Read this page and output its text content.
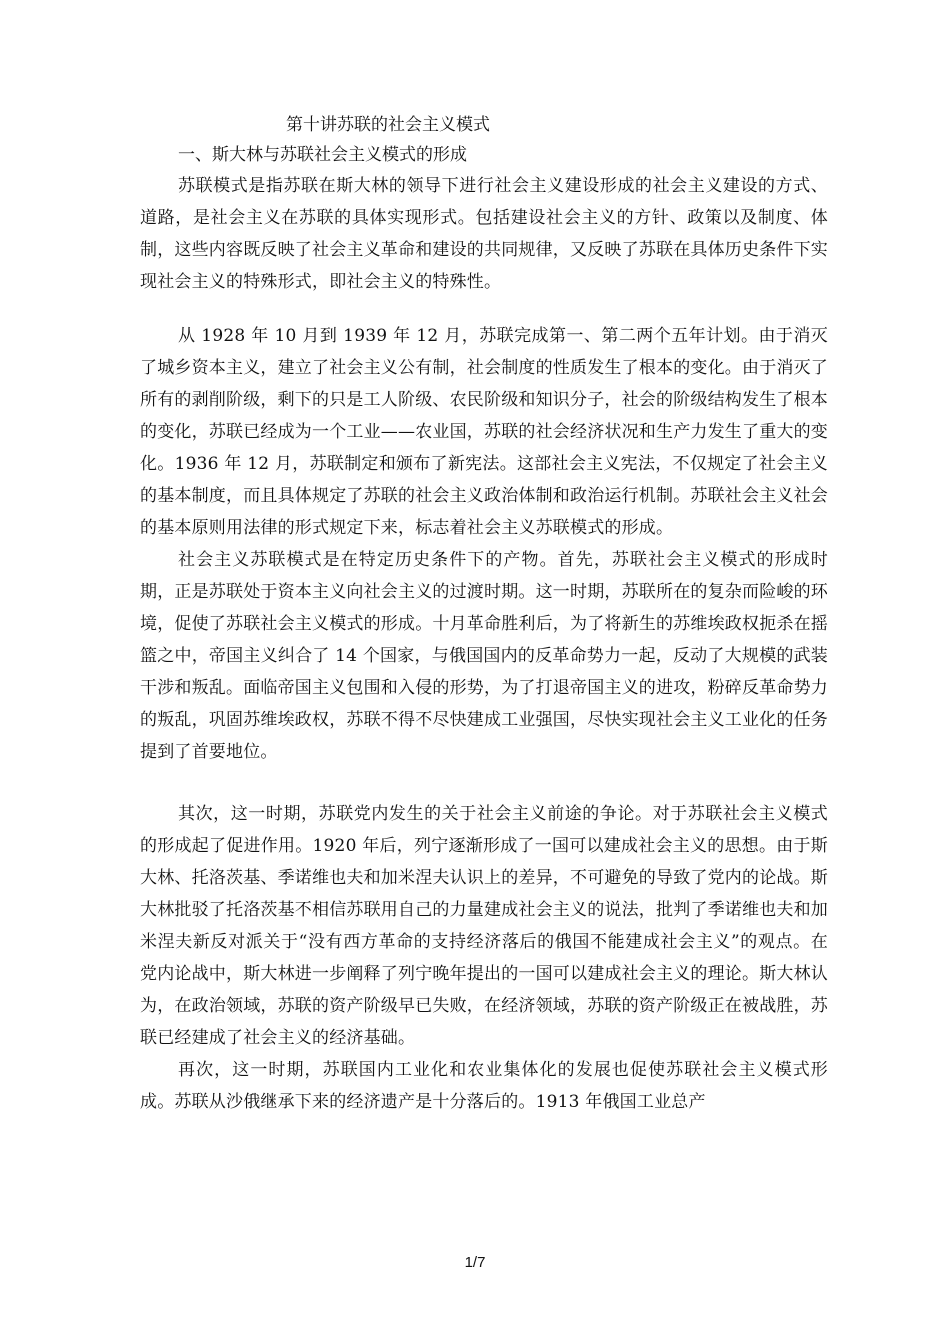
第十讲苏联的社会主义模式
一、斯大林与苏联社会主义模式的形成

苏联模式是指苏联在斯大林的领导下进行社会主义建设形成的社会主义建设的方式、道路，是社会主义在苏联的具体实现形式。包括建设社会主义的方针、政策以及制度、体制，这些内容既反映了社会主义革命和建设的共同规律，又反映了苏联在具体历史条件下实现社会主义的特殊形式，即社会主义的特殊性。

从 1928 年 10 月到 1939 年 12 月，苏联完成第一、第二两个五年计划。由于消灭了城乡资本主义，建立了社会主义公有制，社会制度的性质发生了根本的变化。由于消灭了所有的剥削阶级，剩下的只是工人阶级、农民阶级和知识分子，社会的阶级结构发生了根本的变化，苏联已经成为一个工业——农业国，苏联的社会经济状况和生产力发生了重大的变化。1936 年 12 月，苏联制定和颁布了新宪法。这部社会主义宪法，不仅规定了社会主义的基本制度，而且具体规定了苏联的社会主义政治体制和政治运行机制。苏联社会主义社会的基本原则用法律的形式规定下来，标志着社会主义苏联模式的形成。

社会主义苏联模式是在特定历史条件下的产物。首先，苏联社会主义模式的形成时期，正是苏联处于资本主义向社会主义的过渡时期。这一时期，苏联所在的复杂而险峻的环境，促使了苏联社会主义模式的形成。十月革命胜利后，为了将新生的苏维埃政权扼杀在摇篮之中，帝国主义纠合了 14 个国家，与俄国国内的反革命势力一起，反动了大规模的武装干涉和叛乱。面临帝国主义包围和入侵的形势，为了打退帝国主义的进攻，粉碎反革命势力的叛乱，巩固苏维埃政权，苏联不得不尽快建成工业强国，尽快实现社会主义工业化的任务提到了首要地位。

其次，这一时期，苏联党内发生的关于社会主义前途的争论。对于苏联社会主义模式的形成起了促进作用。1920 年后，列宁逐渐形成了一国可以建成社会主义的思想。由于斯大林、托洛茨基、季诺维也夫和加米涅夫认识上的差异，不可避免的导致了党内的论战。斯大林批驳了托洛茨基不相信苏联用自己的力量建成社会主义的说法，批判了季诺维也夫和加米涅夫新反对派关于“没有西方革命的支持经济落后的俄国不能建成社会主义”的观点。在党内论战中，斯大林进一步阐释了列宁晚年提出的一国可以建成社会主义的理论。斯大林认为，在政治领域，苏联的资产阶级早已失败，在经济领域，苏联的资产阶级正在被战胜，苏联已经建成了社会主义的经济基础。

再次，这一时期，苏联国内工业化和农业集体化的发展也促使苏联社会主义模式形成。苏联从沙俄继承下来的经济遗产是十分落后的。1913 年俄国工业总产

1/7
